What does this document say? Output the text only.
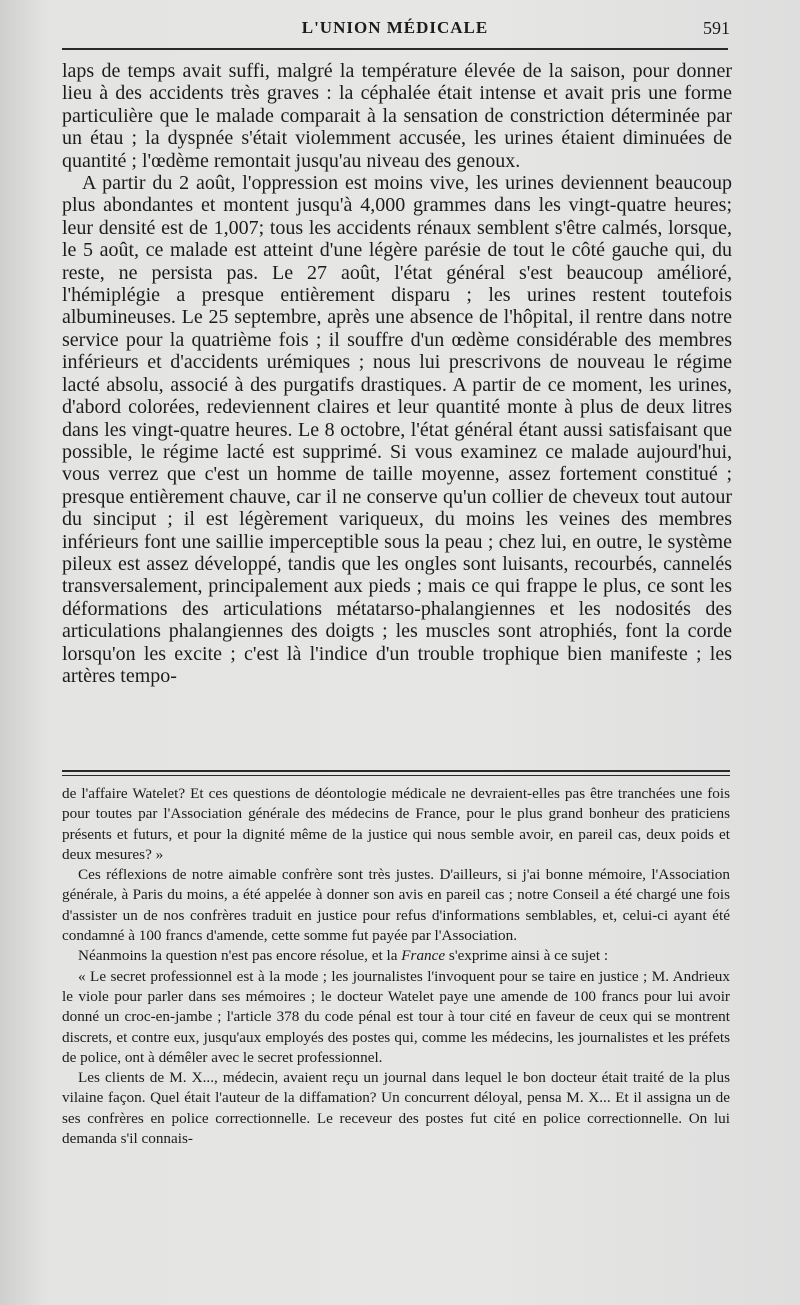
L'UNION MÉDICALE	591

laps de temps avait suffi, malgré la température élevée de la saison, pour donner lieu à des accidents très graves : la céphalée était intense et avait pris une forme particulière que le malade comparait à la sensation de constriction déterminée par un étau ; la dyspnée s'était violemment accusée, les urines étaient diminuées de quantité ; l'œdème remontait jusqu'au niveau des genoux.

A partir du 2 août, l'oppression est moins vive, les urines deviennent beaucoup plus abondantes et montent jusqu'à 4,000 grammes dans les vingt-quatre heures; leur densité est de 1,007; tous les accidents rénaux semblent s'être calmés, lorsque, le 5 août, ce malade est atteint d'une légère parésie de tout le côté gauche qui, du reste, ne persista pas. Le 27 août, l'état général s'est beaucoup amélioré, l'hémiplégie a presque entièrement disparu ; les urines restent toutefois albumineuses. Le 25 septembre, après une absence de l'hôpital, il rentre dans notre service pour la quatrième fois ; il souffre d'un œdème considérable des membres inférieurs et d'accidents urémiques ; nous lui prescrivons de nouveau le régime lacté absolu, associé à des purgatifs drastiques. A partir de ce moment, les urines, d'abord colorées, redeviennent claires et leur quantité monte à plus de deux litres dans les vingt-quatre heures. Le 8 octobre, l'état général étant aussi satisfaisant que possible, le régime lacté est supprimé. Si vous examinez ce malade aujourd'hui, vous verrez que c'est un homme de taille moyenne, assez fortement constitué ; presque entièrement chauve, car il ne conserve qu'un collier de cheveux tout autour du sinciput ; il est légèrement variqueux, du moins les veines des membres inférieurs font une saillie imperceptible sous la peau ; chez lui, en outre, le système pileux est assez développé, tandis que les ongles sont luisants, recourbés, cannelés transversalement, principalement aux pieds ; mais ce qui frappe le plus, ce sont les déformations des articulations métatarso-phalangiennes et les nodosités des articulations phalangiennes des doigts ; les muscles sont atrophiés, font la corde lorsqu'on les excite ; c'est là l'indice d'un trouble trophique bien manifeste ; les artères tempo-

de l'affaire Watelet? Et ces questions de déontologie médicale ne devraient-elles pas être tranchées une fois pour toutes par l'Association générale des médecins de France, pour le plus grand bonheur des praticiens présents et futurs, et pour la dignité même de la justice qui nous semble avoir, en pareil cas, deux poids et deux mesures? »

Ces réflexions de notre aimable confrère sont très justes. D'ailleurs, si j'ai bonne mémoire, l'Association générale, à Paris du moins, a été appelée à donner son avis en pareil cas ; notre Conseil a été chargé une fois d'assister un de nos confrères traduit en justice pour refus d'informations semblables, et, celui-ci ayant été condamné à 100 francs d'amende, cette somme fut payée par l'Association.

Néanmoins la question n'est pas encore résolue, et la France s'exprime ainsi à ce sujet :

« Le secret professionnel est à la mode ; les journalistes l'invoquent pour se taire en justice ; M. Andrieux le viole pour parler dans ses mémoires ; le docteur Watelet paye une amende de 100 francs pour lui avoir donné un croc-en-jambe ; l'article 378 du code pénal est tour à tour cité en faveur de ceux qui se montrent discrets, et contre eux, jusqu'aux employés des postes qui, comme les médecins, les journalistes et les préfets de police, ont à démêler avec le secret professionnel.

Les clients de M. X..., médecin, avaient reçu un journal dans lequel le bon docteur était traité de la plus vilaine façon. Quel était l'auteur de la diffamation? Un concurrent déloyal, pensa M. X... Et il assigna un de ses confrères en police correctionnelle. Le receveur des postes fut cité en police correctionnelle. On lui demanda s'il connais-
